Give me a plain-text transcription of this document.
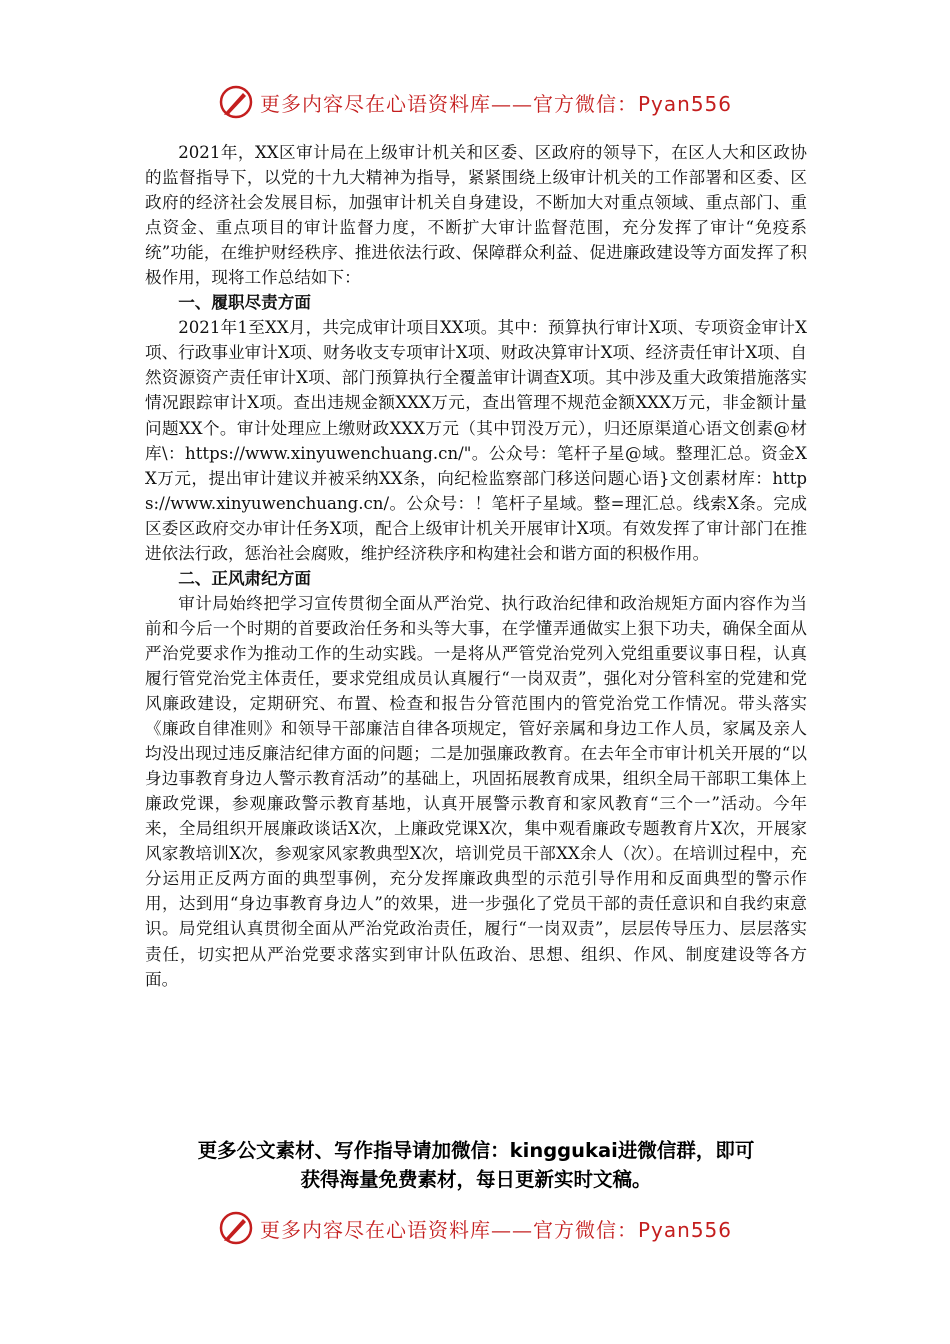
更多内容尽在心语资料库——官方微信：Pyan556

2021年，XX区审计局在上级审计机关和区委、区政府的领导下，在区人大和区政协的监督指导下，以党的十九大精神为指导，紧紧围绕上级审计机关的工作部署和区委、区政府的经济社会发展目标，加强审计机关自身建设，不断加大对重点领域、重点部门、重点资金、重点项目的审计监督力度，不断扩大审计监督范围，充分发挥了审计“免疫系统”功能，在维护财经秩序、推进依法行政、保障群众利益、促进廉政建设等方面发挥了积极作用，现将工作总结如下：

一、履职尽责方面

2021年1至XX月，共完成审计项目XX项。其中：预算执行审计X项、专项资金审计X项、行政事业审计X项、财务收支专项审计X项、财政决算审计X项、经济责任审计X项、自然资源资产责任审计X项、部门预算执行全覆盖审计调查X项。其中涉及重大政策措施落实情况跟踪审计X项。查出违规金额XXX万元，查出管理不规范金额XXX万元，非金额计量问题XX个。审计处理应上缴财政XXX万元（其中罚没万元），归还原渠道心语文创素@材库\：https://www.xinyuwenchuang.cn/"。公众号：笔杆子星@域。整理汇总。资金XX万元，提出审计建议并被采纳XX条，向纪检监察部门移送问题心语}文创素材库：https://www.xinyuwenchuang.cn/。公众号：！笔杆子星域。整=理汇总。线索X条。完成区委区政府交办审计任务X项，配合上级审计机关开展审计X项。有效发挥了审计部门在推进依法行政，惩治社会腐败，维护经济秩序和构建社会和谐方面的积极作用。

二、正风肃纪方面

审计局始终把学习宣传贯彻全面从严治党、执行政治纪律和政治规矩方面内容作为当前和今后一个时期的首要政治任务和头等大事，在学懂弄通做实上狠下功夫，确保全面从严治党要求作为推动工作的生动实践。一是将从严管党治党列入党组重要议事日程，认真履行管党治党主体责任，要求党组成员认真履行“一岗双责”，强化对分管科室的党建和党风廉政建设，定期研究、布置、检查和报告分管范围内的管党治党工作情况。带头落实《廉政自律准则》和领导干部廉洁自律各项规定，管好亲属和身边工作人员，家属及亲人均没出现过违反廉洁纪律方面的问题；二是加强廉政教育。在去年全市审计机关开展的“以身边事教育身边人警示教育活动”的基础上，巩固拓展教育成果，组织全局干部职工集体上廉政党课，参观廉政警示教育基地，认真开展警示教育和家风教育“三个一”活动。今年来，全局组织开展廉政谈话X次，上廉政党课X次，集中观看廉政专题教育片X次，开展家风家教培训X次，参观家风家教典型X次，培训党员干部XX余人（次）。在培训过程中，充分运用正反两方面的典型事例，充分发挥廉政典型的示范引导作用和反面典型的警示作用，达到用“身边事教育身边人”的效果，进一步强化了党员干部的责任意识和自我约束意识。局党组认真贯彻全面从严治党政治责任，履行“一岗双责”，层层传导压力、层层落实责任，切实把从严治党要求落实到审计队伍政治、思想、组织、作风、制度建设等各方面。

更多公文素材、写作指导请加微信：kinggukai进微信群，即可
获得海量免费素材，每日更新实时文稿。
更多内容尽在心语资料库——官方微信：Pyan556
